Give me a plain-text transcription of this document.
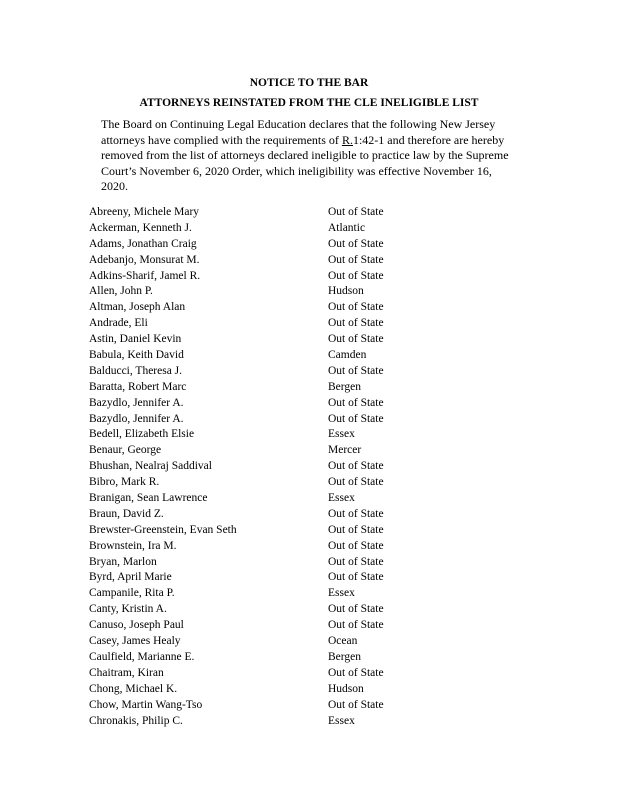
NOTICE TO THE BAR
ATTORNEYS REINSTATED FROM THE CLE INELIGIBLE LIST

The Board on Continuing Legal Education declares that the following New Jersey attorneys have complied with the requirements of R.1:42-1 and therefore are hereby removed from the list of attorneys declared ineligible to practice law by the Supreme Court’s November 6, 2020 Order, which ineligibility was effective November 16, 2020.

Abreeny, Michele Mary	Out of State
Ackerman, Kenneth J.	Atlantic
Adams, Jonathan Craig	Out of State
Adebanjo, Monsurat M.	Out of State
Adkins-Sharif, Jamel R.	Out of State
Allen, John P.	Hudson
Altman, Joseph Alan	Out of State
Andrade, Eli	Out of State
Astin, Daniel Kevin	Out of State
Babula, Keith David	Camden
Balducci, Theresa J.	Out of State
Baratta, Robert Marc	Bergen
Bazydlo, Jennifer A.	Out of State
Bazydlo, Jennifer A.	Out of State
Bedell, Elizabeth Elsie	Essex
Benaur, George	Mercer
Bhushan, Nealraj Saddival	Out of State
Bibro, Mark R.	Out of State
Branigan, Sean Lawrence	Essex
Braun, David Z.	Out of State
Brewster-Greenstein, Evan Seth	Out of State
Brownstein, Ira M.	Out of State
Bryan, Marlon	Out of State
Byrd, April Marie	Out of State
Campanile, Rita P.	Essex
Canty, Kristin A.	Out of State
Canuso, Joseph Paul	Out of State
Casey, James Healy	Ocean
Caulfield, Marianne E.	Bergen
Chaitram, Kiran	Out of State
Chong, Michael K.	Hudson
Chow, Martin Wang-Tso	Out of State
Chronakis, Philip C.	Essex
